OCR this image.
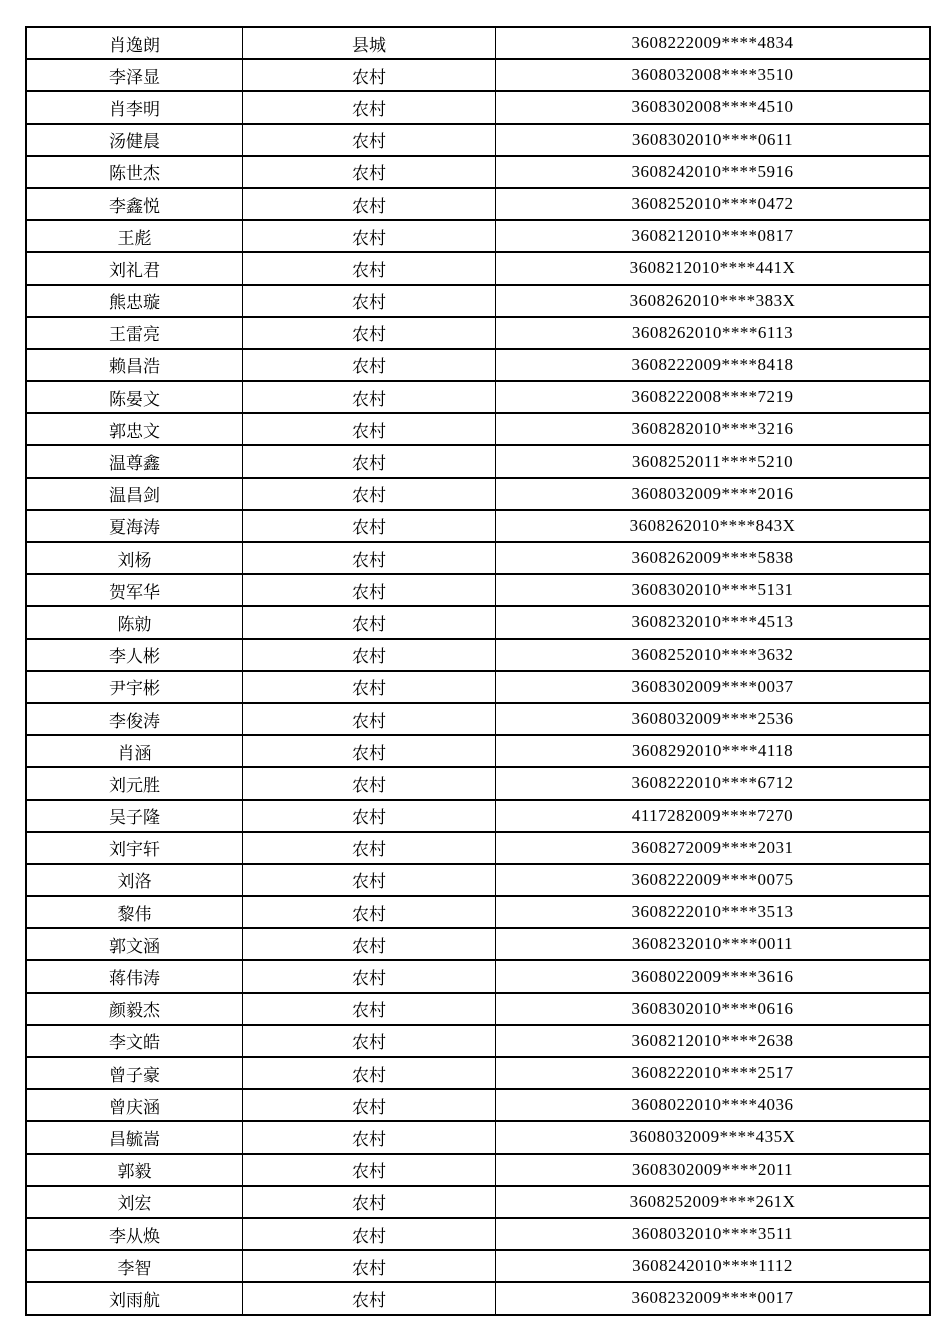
肖逸朗	县城	3608222009****4834
李泽显	农村	3608032008****3510
肖李明	农村	3608302008****4510
汤健晨	农村	3608302010****0611
陈世杰	农村	3608242010****5916
李鑫悦	农村	3608252010****0472
王彪	农村	3608212010****0817
刘礼君	农村	3608212010****441X
熊忠璇	农村	3608262010****383X
王雷亮	农村	3608262010****6113
赖昌浩	农村	3608222009****8418
陈晏文	农村	3608222008****7219
郭忠文	农村	3608282010****3216
温尊鑫	农村	3608252011****5210
温昌剑	农村	3608032009****2016
夏海涛	农村	3608262010****843X
刘杨	农村	3608262009****5838
贺军华	农村	3608302010****5131
陈勍	农村	3608232010****4513
李人彬	农村	3608252010****3632
尹宇彬	农村	3608302009****0037
李俊涛	农村	3608032009****2536
肖涵	农村	3608292010****4118
刘元胜	农村	3608222010****6712
吴子隆	农村	4117282009****7270
刘宇轩	农村	3608272009****2031
刘洛	农村	3608222009****0075
黎伟	农村	3608222010****3513
郭文涵	农村	3608232010****0011
蒋伟涛	农村	3608022009****3616
颜毅杰	农村	3608302010****0616
李文皓	农村	3608212010****2638
曾子豪	农村	3608222010****2517
曾庆涵	农村	3608022010****4036
昌毓嵩	农村	3608032009****435X
郭毅	农村	3608302009****2011
刘宏	农村	3608252009****261X
李从焕	农村	3608032010****3511
李智	农村	3608242010****1112
刘雨航	农村	3608232009****0017
